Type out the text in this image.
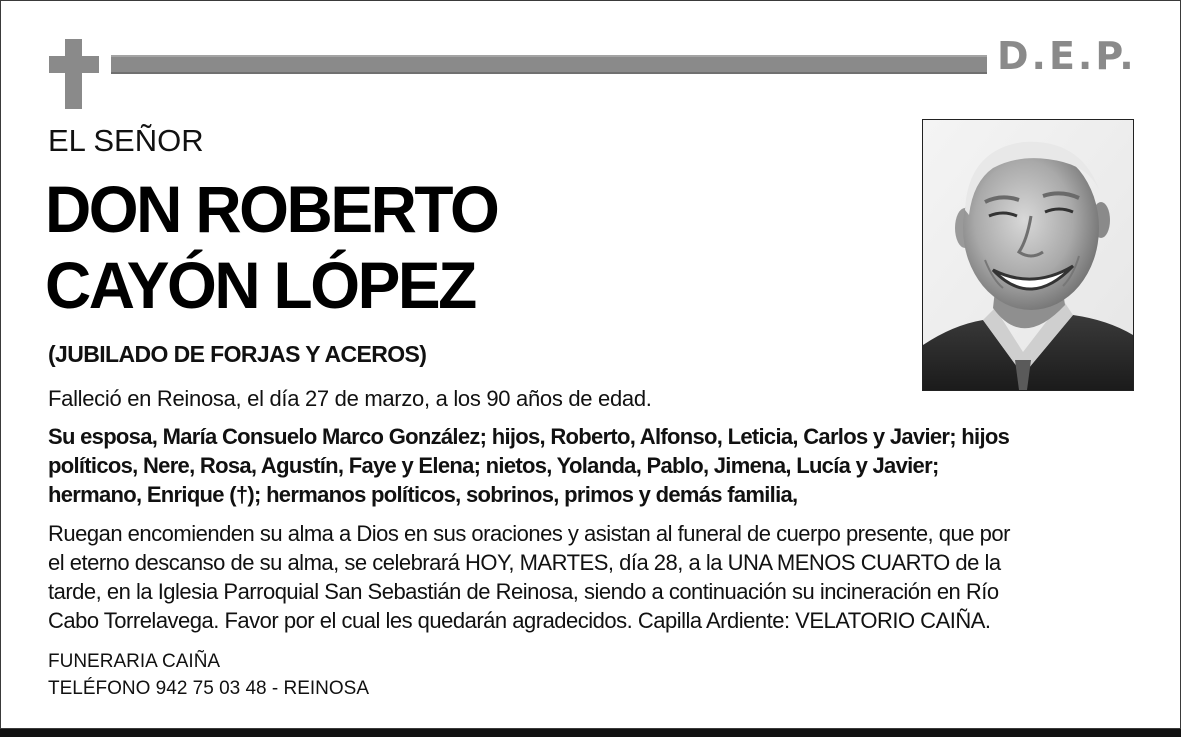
D.E.P.
EL SEÑOR
DON ROBERTO
CAYÓN LÓPEZ
(JUBILADO DE FORJAS Y ACEROS)
Falleció en Reinosa, el día 27 de marzo, a los 90 años de edad.
Su esposa, María Consuelo Marco González; hijos, Roberto, Alfonso, Leticia, Carlos y Javier; hijos
políticos, Nere, Rosa, Agustín, Faye y Elena; nietos, Yolanda, Pablo, Jimena, Lucía y Javier;
hermano, Enrique (†); hermanos políticos, sobrinos, primos y demás familia,
Ruegan encomienden su alma a Dios en sus oraciones y asistan al funeral de cuerpo presente, que por
el eterno descanso de su alma, se celebrará HOY, MARTES, día 28, a la UNA MENOS CUARTO de la
tarde, en la Iglesia Parroquial San Sebastián de Reinosa, siendo a continuación su incineración en Río
Cabo Torrelavega. Favor por el cual les quedarán agradecidos. Capilla Ardiente: VELATORIO CAIÑA.
FUNERARIA CAIÑA
TELÉFONO 942 75 03 48 - REINOSA
